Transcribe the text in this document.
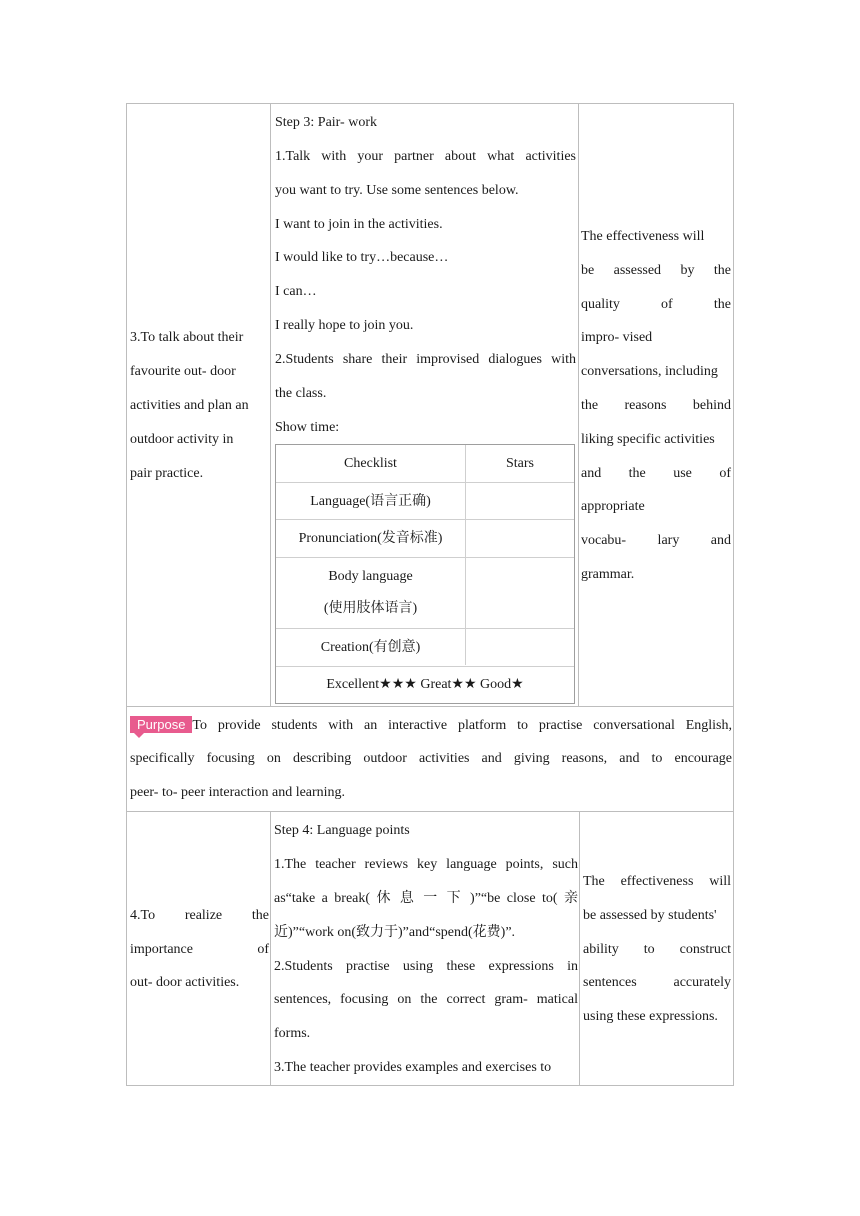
3.To talk about their
favourite out- door
activities and plan an
outdoor activity in
pair practice.
Step 3: Pair- work
1.Talk with your partner about what activities
you want to try. Use some sentences below.
I want to join in the activities.
I would like to try…because…
I can…
I really hope to join you.
2.Students share their improvised dialogues with
the class.
Show time:
Checklist	Stars
Language(语言正确)
Pronunciation(发音标准)
Body language
(使用肢体语言)
Creation(有创意)
Excellent★★★ Great★★ Good★
The effectiveness will
be assessed by the
quality of the
impro- vised
conversations, including
the reasons behind
liking specific activities
and the use of
appropriate
vocabu- lary and
grammar.
Purpose To provide students with an interactive platform to practise conversational English,
specifically focusing on describing outdoor activities and giving reasons, and to encourage
peer- to- peer interaction and learning.
4.To realize the
importance of
out- door activities.
Step 4: Language points
1.The teacher reviews key language points, such
as“take a break( 休 息 一 下 )”“be close to( 亲
近)”“work on(致力于)”and“spend(花费)”.
2.Students practise using these expressions in
sentences, focusing on the correct gram- matical
forms.
3.The teacher provides examples and exercises to
The effectiveness will
be assessed by students'
ability to construct
sentences accurately
using these expressions.
